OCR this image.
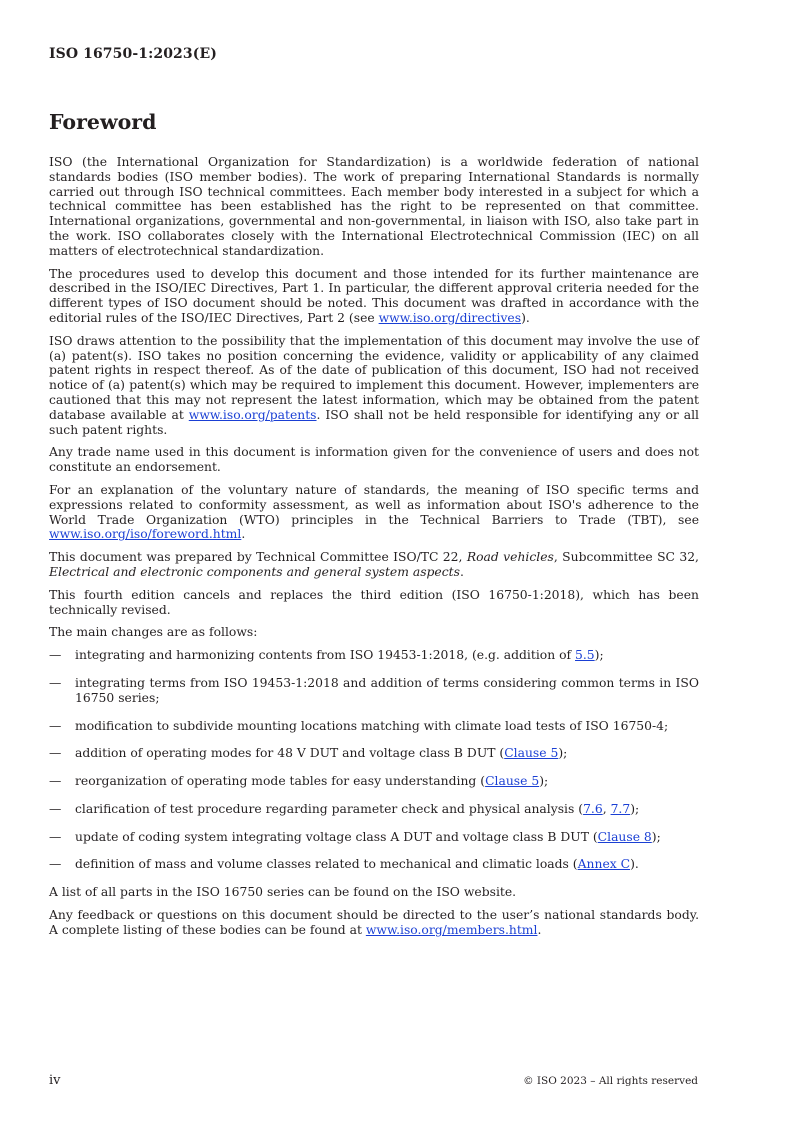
ISO 16750-1:2023(E)
Foreword

ISO (the International Organization for Standardization) is a worldwide federation of national standards bodies (ISO member bodies). The work of preparing International Standards is normally carried out through ISO technical committees. Each member body interested in a subject for which a technical committee has been established has the right to be represented on that committee. International organizations, governmental and non-governmental, in liaison with ISO, also take part in the work. ISO collaborates closely with the International Electrotechnical Commission (IEC) on all matters of electrotechnical standardization.

The procedures used to develop this document and those intended for its further maintenance are described in the ISO/IEC Directives, Part 1. In particular, the different approval criteria needed for the different types of ISO document should be noted. This document was drafted in accordance with the editorial rules of the ISO/IEC Directives, Part 2 (see www.iso.org/directives).

ISO draws attention to the possibility that the implementation of this document may involve the use of (a) patent(s). ISO takes no position concerning the evidence, validity or applicability of any claimed patent rights in respect thereof. As of the date of publication of this document, ISO had not received notice of (a) patent(s) which may be required to implement this document. However, implementers are cautioned that this may not represent the latest information, which may be obtained from the patent database available at www.iso.org/patents. ISO shall not be held responsible for identifying any or all such patent rights.

Any trade name used in this document is information given for the convenience of users and does not constitute an endorsement.

For an explanation of the voluntary nature of standards, the meaning of ISO specific terms and expressions related to conformity assessment, as well as information about ISO's adherence to the World Trade Organization (WTO) principles in the Technical Barriers to Trade (TBT), see www.iso.org/iso/foreword.html.

This document was prepared by Technical Committee ISO/TC 22, Road vehicles, Subcommittee SC 32, Electrical and electronic components and general system aspects.

This fourth edition cancels and replaces the third edition (ISO 16750-1:2018), which has been technically revised.

The main changes are as follows:

— integrating and harmonizing contents from ISO 19453-1:2018, (e.g. addition of 5.5);
— integrating terms from ISO 19453-1:2018 and addition of terms considering common terms in ISO 16750 series;
— modification to subdivide mounting locations matching with climate load tests of ISO 16750-4;
— addition of operating modes for 48 V DUT and voltage class B DUT (Clause 5);
— reorganization of operating mode tables for easy understanding (Clause 5);
— clarification of test procedure regarding parameter check and physical analysis (7.6, 7.7);
— update of coding system integrating voltage class A DUT and voltage class B DUT (Clause 8);
— definition of mass and volume classes related to mechanical and climatic loads (Annex C).

A list of all parts in the ISO 16750 series can be found on the ISO website.

Any feedback or questions on this document should be directed to the user’s national standards body. A complete listing of these bodies can be found at www.iso.org/members.html.

iv	© ISO 2023 – All rights reserved
